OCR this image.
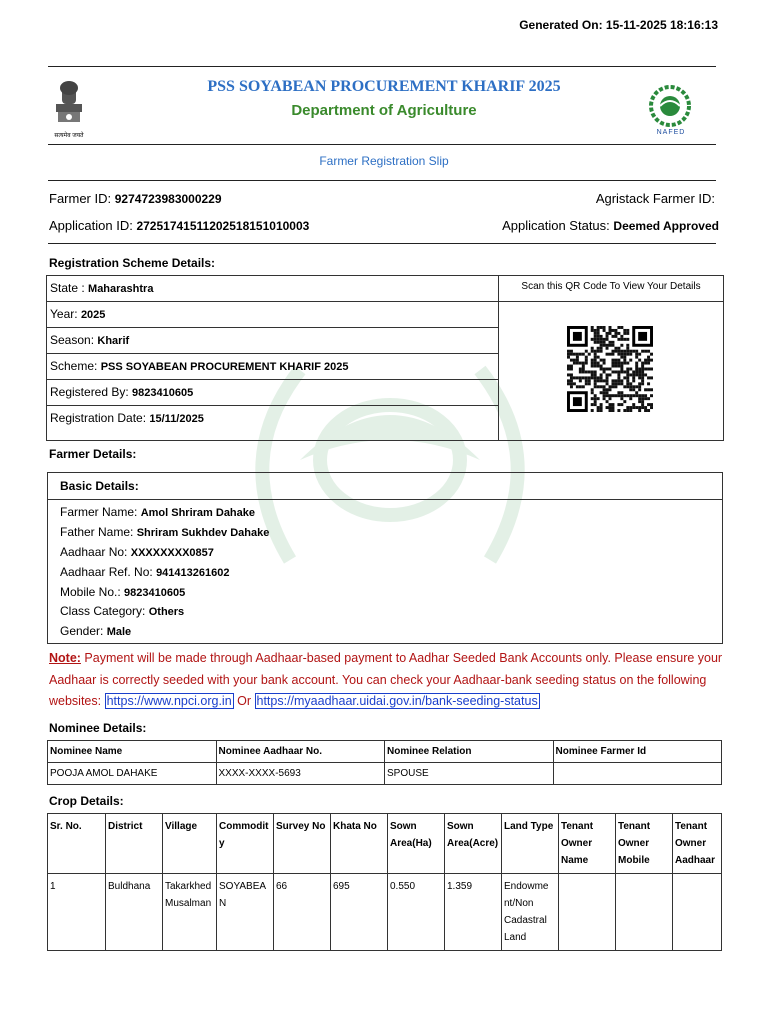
Generated On: 15-11-2025 18:16:13
सत्यमेव जयते
PSS SOYABEAN PROCUREMENT KHARIF 2025
Department of Agriculture
NAFED
Farmer Registration Slip
Farmer ID: 9274723983000229	Agristack Farmer ID:
Application ID: 27251741511202518151010003	Application Status: Deemed Approved
Registration Scheme Details:
State : Maharashtra
Year: 2025
Season: Kharif
Scheme: PSS SOYABEAN PROCUREMENT KHARIF 2025
Registered By: 9823410605
Registration Date: 15/11/2025
Scan this QR Code To View Your Details
Farmer Details:
Basic Details:
Farmer Name: Amol Shriram Dahake
Father Name: Shriram Sukhdev Dahake
Aadhaar No: XXXXXXXX0857
Aadhaar Ref. No: 941413261602
Mobile No.: 9823410605
Class Category: Others
Gender: Male
Note: Payment will be made through Aadhaar-based payment to Aadhar Seeded Bank Accounts only. Please ensure your Aadhaar is correctly seeded with your bank account. You can check your Aadhaar-bank seeding status on the following websites: https://www.npci.org.in Or https://myaadhaar.uidai.gov.in/bank-seeding-status
Nominee Details:
Nominee Name	Nominee Aadhaar No.	Nominee Relation	Nominee Farmer Id
POOJA AMOL DAHAKE	XXXX-XXXX-5693	SPOUSE	
Crop Details:
Sr. No.	District	Village	Commodit y	Survey No	Khata No	Sown Area(Ha)	Sown Area(Acre)	Land Type	Tenant Owner Name	Tenant Owner Mobile	Tenant Owner Aadhaar
1	Buldhana	Takarkhed Musalman	SOYABEA N	66	695	0.550	1.359	Endowme nt/Non Cadastral Land			
